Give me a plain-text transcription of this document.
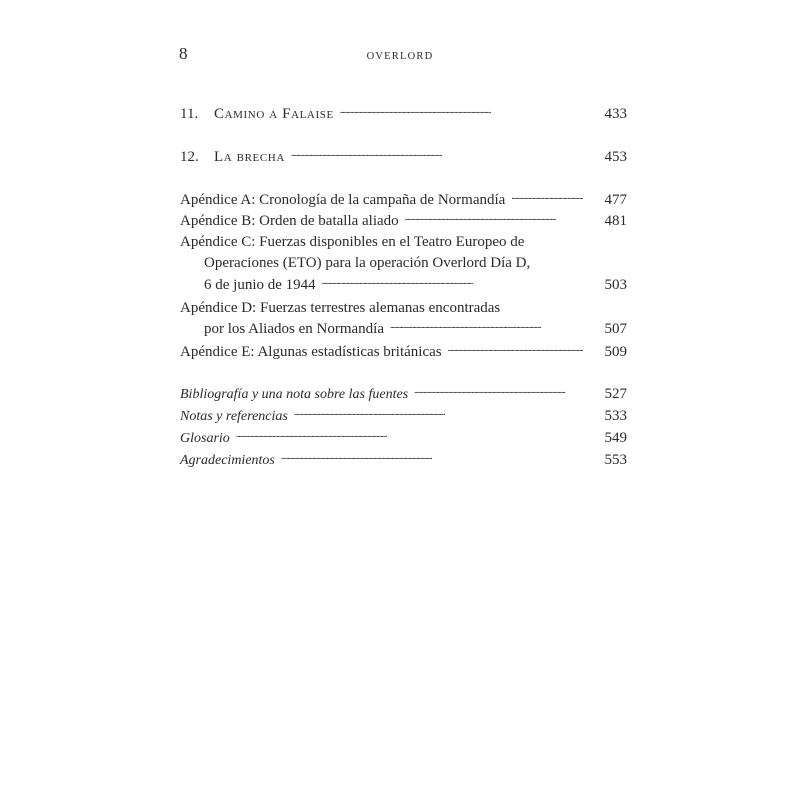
8	OVERLORD
11.	Camino a Falaise . . .	433
12.	La brecha . . .	453
Apéndice A: Cronología de la campaña de Normandía . . .	477
Apéndice B: Orden de batalla aliado . . .	481
Apéndice C: Fuerzas disponibles en el Teatro Europeo de
Operaciones (ETO) para la operación Overlord Día D,
6 de junio de 1944 . . .	503
Apéndice D: Fuerzas terrestres alemanas encontradas
por los Aliados en Normandía . . .	507
Apéndice E: Algunas estadísticas británicas . . .	509
Bibliografía y una nota sobre las fuentes . . .	527
Notas y referencias . . .	533
Glosario . . .	549
Agradecimientos . . .	553
